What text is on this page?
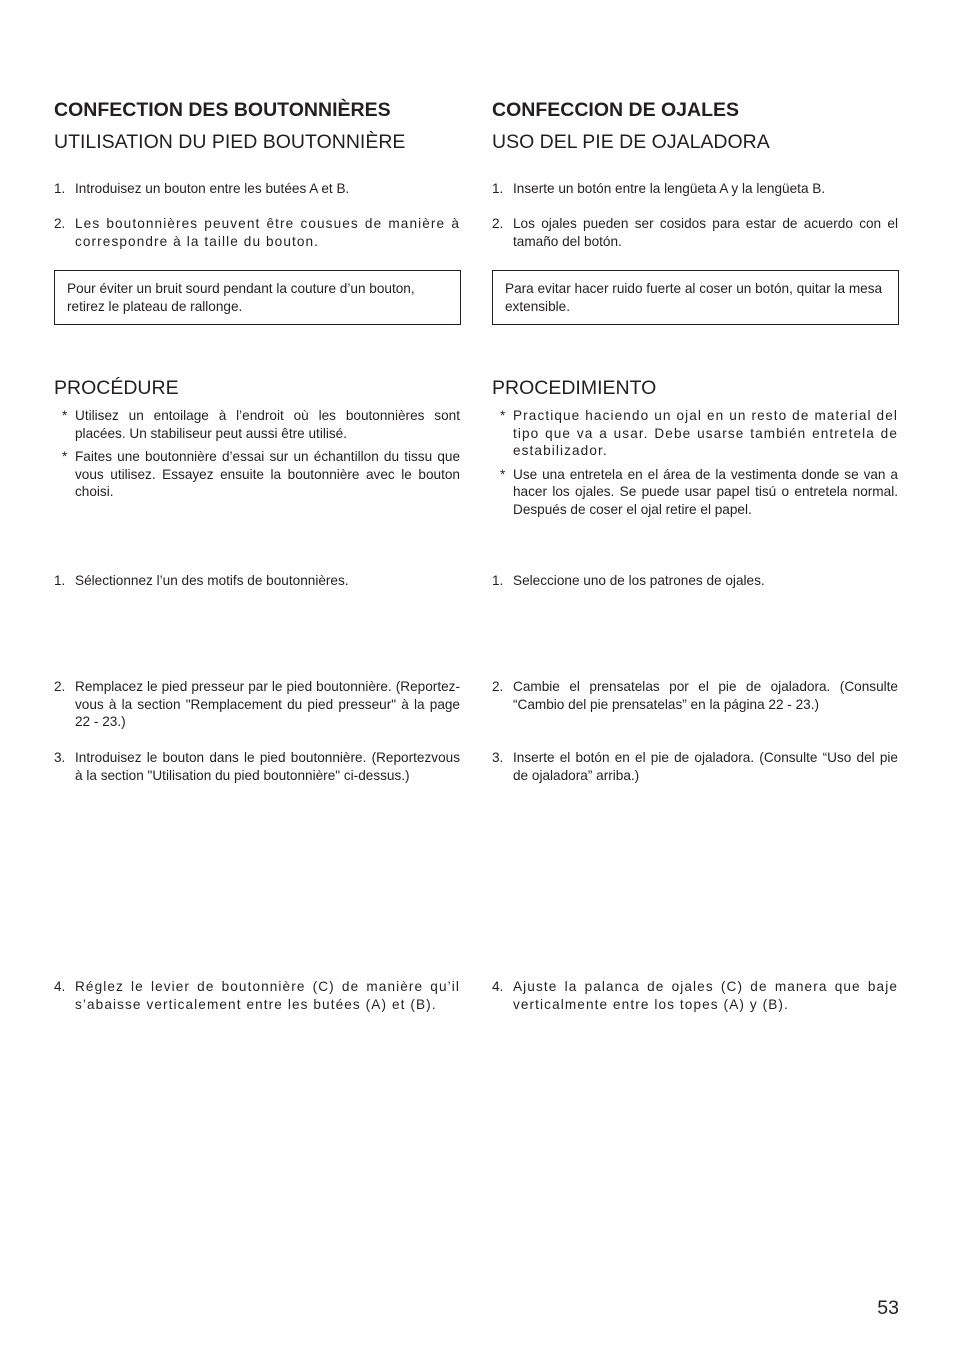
CONFECTION DES BOUTONNIÈRES
UTILISATION DU PIED BOUTONNIÈRE

1. Introduisez un bouton entre les butées A et B.

2. Les boutonnières peuvent être cousues de manière à correspondre à la taille du bouton.

Pour éviter un bruit sourd pendant la couture d’un bouton, retirez le plateau de rallonge.
PROCÉDURE

* Utilisez un entoilage à l’endroit où les boutonnières sont placées. Un stabiliseur peut aussi être utilisé.

* Faites une boutonnière d’essai sur un échantillon du tissu que vous utilisez. Essayez ensuite la boutonnière avec le bouton choisi.

1. Sélectionnez l’un des motifs de boutonnières.

2. Remplacez le pied presseur par le pied boutonnière. (Reportez-vous à la section "Remplacement du pied presseur" à la page 22 - 23.)

3. Introduisez le bouton dans le pied boutonnière. (Reportezvous à la section "Utilisation du pied boutonnière" ci-dessus.)

4. Réglez le levier de boutonnière (C) de manière qu’il s’abaisse verticalement entre les butées (A) et (B).

CONFECCION DE OJALES
USO DEL PIE DE OJALADORA

1. Inserte un botón entre la lengüeta A y la lengüeta B.

2. Los ojales pueden ser cosidos para estar de acuerdo con el tamaño del botón.

Para evitar hacer ruido fuerte al coser un botón, quitar la mesa extensible.
PROCEDIMIENTO

* Practique haciendo un ojal en un resto de material del tipo que va a usar. Debe usarse también entretela de estabilizador.

* Use una entretela en el área de la vestimenta donde se van a hacer los ojales. Se puede usar papel tisú o entretela normal. Después de coser el ojal retire el papel.

1. Seleccione uno de los patrones de ojales.

2. Cambie el prensatelas por el pie de ojaladora. (Consulte “Cambio del pie prensatelas” en la página 22 - 23.)

3. Inserte el botón en el pie de ojaladora. (Consulte “Uso del pie de ojaladora” arriba.)

4. Ajuste la palanca de ojales (C) de manera que baje verticalmente entre los topes (A) y (B).

53
